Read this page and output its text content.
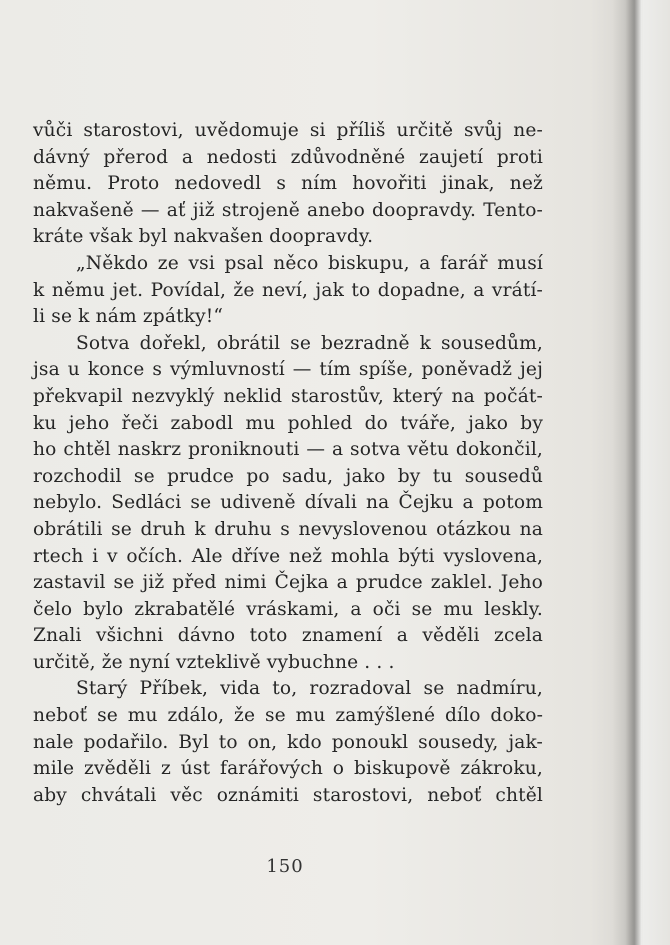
vůči starostovi, uvědomuje si příliš určitě svůj ne-
dávný přerod a nedosti zdůvodněné zaujetí proti
němu. Proto nedovedl s ním hovořiti jinak, než
nakvašeně — ať již strojeně anebo doopravdy. Tento-
kráte však byl nakvašen doopravdy.
„Někdo ze vsi psal něco biskupu, a farář musí
k němu jet. Povídal, že neví, jak to dopadne, a vrátí-
li se k nám zpátky!“
Sotva dořekl, obrátil se bezradně k sousedům,
jsa u konce s výmluvností — tím spíše, poněvadž jej
překvapil nezvyklý neklid starostův, který na počát-
ku jeho řeči zabodl mu pohled do tváře, jako by
ho chtěl naskrz proniknouti — a sotva větu dokončil,
rozchodil se prudce po sadu, jako by tu sousedů
nebylo. Sedláci se udiveně dívali na Čejku a potom
obrátili se druh k druhu s nevyslovenou otázkou na
rtech i v očích. Ale dříve než mohla býti vyslovena,
zastavil se již před nimi Čejka a prudce zaklel. Jeho
čelo bylo zkrabatělé vráskami, a oči se mu leskly.
Znali všichni dávno toto znamení a věděli zcela
určitě, že nyní vzteklivě vybuchne . . .
Starý Příbek, vida to, rozradoval se nadmíru,
neboť se mu zdálo, že se mu zamýšlené dílo doko-
nale podařilo. Byl to on, kdo ponoukl sousedy, jak-
mile zvěděli z úst farářových o biskupově zákroku,
aby chvátali věc oznámiti starostovi, neboť chtěl
150
